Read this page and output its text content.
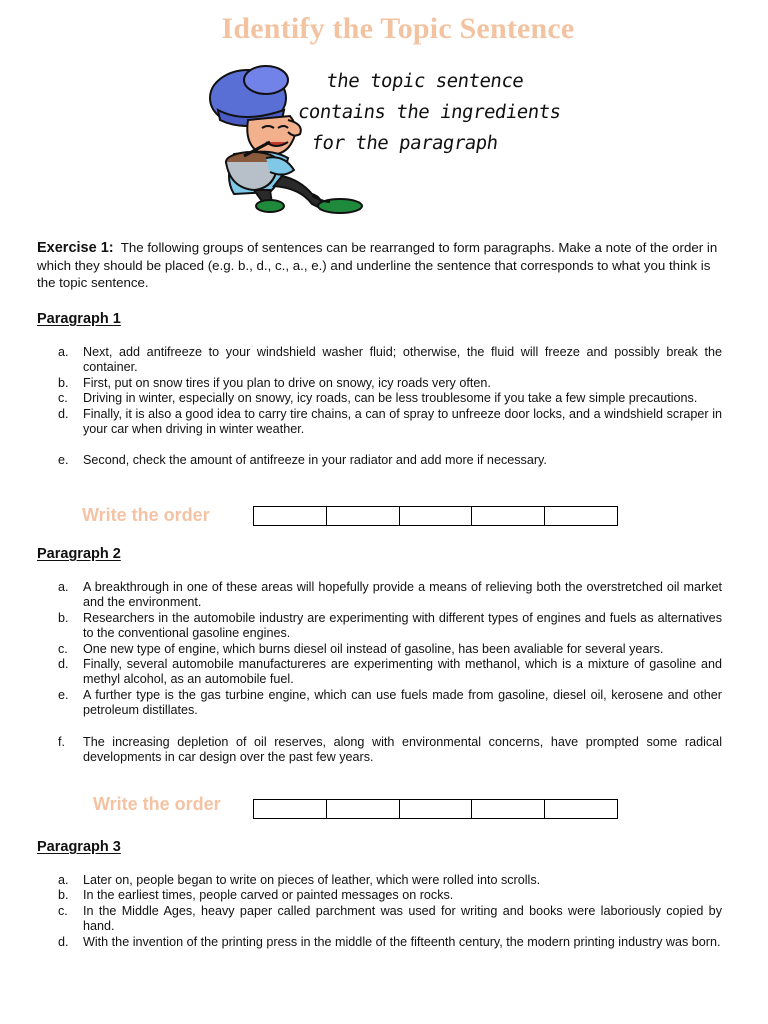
Identify the Topic Sentence
the topic sentence
contains the ingredients
for the paragraph
Exercise 1: The following groups of sentences can be rearranged to form paragraphs. Make a note of the order in which they should be placed (e.g. b., d., c., a., e.) and underline the sentence that corresponds to what you think is the topic sentence.
Paragraph 1
a. Next, add antifreeze to your windshield washer fluid; otherwise, the fluid will freeze and possibly break the container.
b. First, put on snow tires if you plan to drive on snowy, icy roads very often.
c. Driving in winter, especially on snowy, icy roads, can be less troublesome if you take a few simple precautions.
d. Finally, it is also a good idea to carry tire chains, a can of spray to unfreeze door locks, and a windshield scraper in your car when driving in winter weather.
e. Second, check the amount of antifreeze in your radiator and add more if necessary.
Write the order
Paragraph 2
a. A breakthrough in one of these areas will hopefully provide a means of relieving both the overstretched oil market and the environment.
b. Researchers in the automobile industry are experimenting with different types of engines and fuels as alternatives to the conventional gasoline engines.
c. One new type of engine, which burns diesel oil instead of gasoline, has been avaliable for several years.
d. Finally, several automobile manufactureres are experimenting with methanol, which is a mixture of gasoline and methyl alcohol, as an automobile fuel.
e. A further type is the gas turbine engine, which can use fuels made from gasoline, diesel oil, kerosene and other petroleum distillates.
f. The increasing depletion of oil reserves, along with environmental concerns, have prompted some radical developments in car design over the past few years.
Write the order
Paragraph 3
a. Later on, people began to write on pieces of leather, which were rolled into scrolls.
b. In the earliest times, people carved or painted messages on rocks.
c. In the Middle Ages, heavy paper called parchment was used for writing and books were laboriously copied by hand.
d. With the invention of the printing press in the middle of the fifteenth century, the modern printing industry was born.
